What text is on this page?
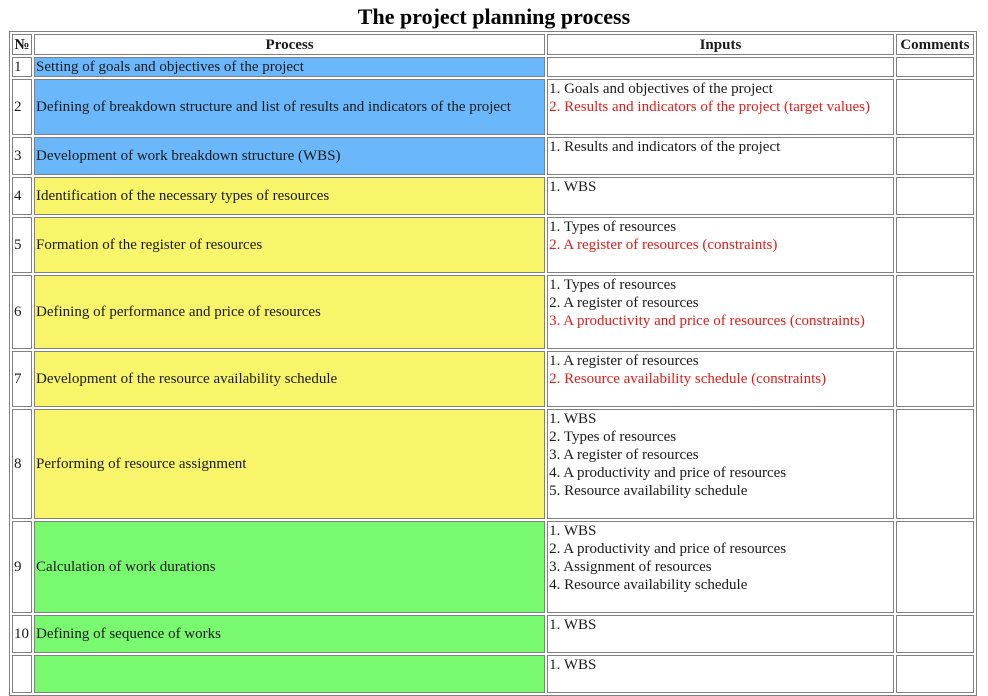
The project planning process
№	Process	Inputs	Comments
1	Setting of goals and objectives of the project		
2	Defining of breakdown structure and list of results and indicators of the project	1. Goals and objectives of the project
2. Results and indicators of the project (target values)	

3	Development of work breakdown structure (WBS)	1. Results and indicators of the project	

4	Identification of the necessary types of resources	1. WBS	

5	Formation of the register of resources	1. Types of resources
2. A register of resources (constraints)	

6	Defining of performance and price of resources	1. Types of resources
2. A register of resources
3. A productivity and price of resources (constraints)	

7	Development of the resource availability schedule	1. A register of resources
2. Resource availability schedule (constraints)	

8	Performing of resource assignment	1. WBS
2. Types of resources
3. A register of resources
4. A productivity and price of resources
5. Resource availability schedule	

9	Calculation of work durations	1. WBS
2. A productivity and price of resources
3. Assignment of resources
4. Resource availability schedule	

10	Defining of sequence of works	1. WBS	

		1. WBS	
